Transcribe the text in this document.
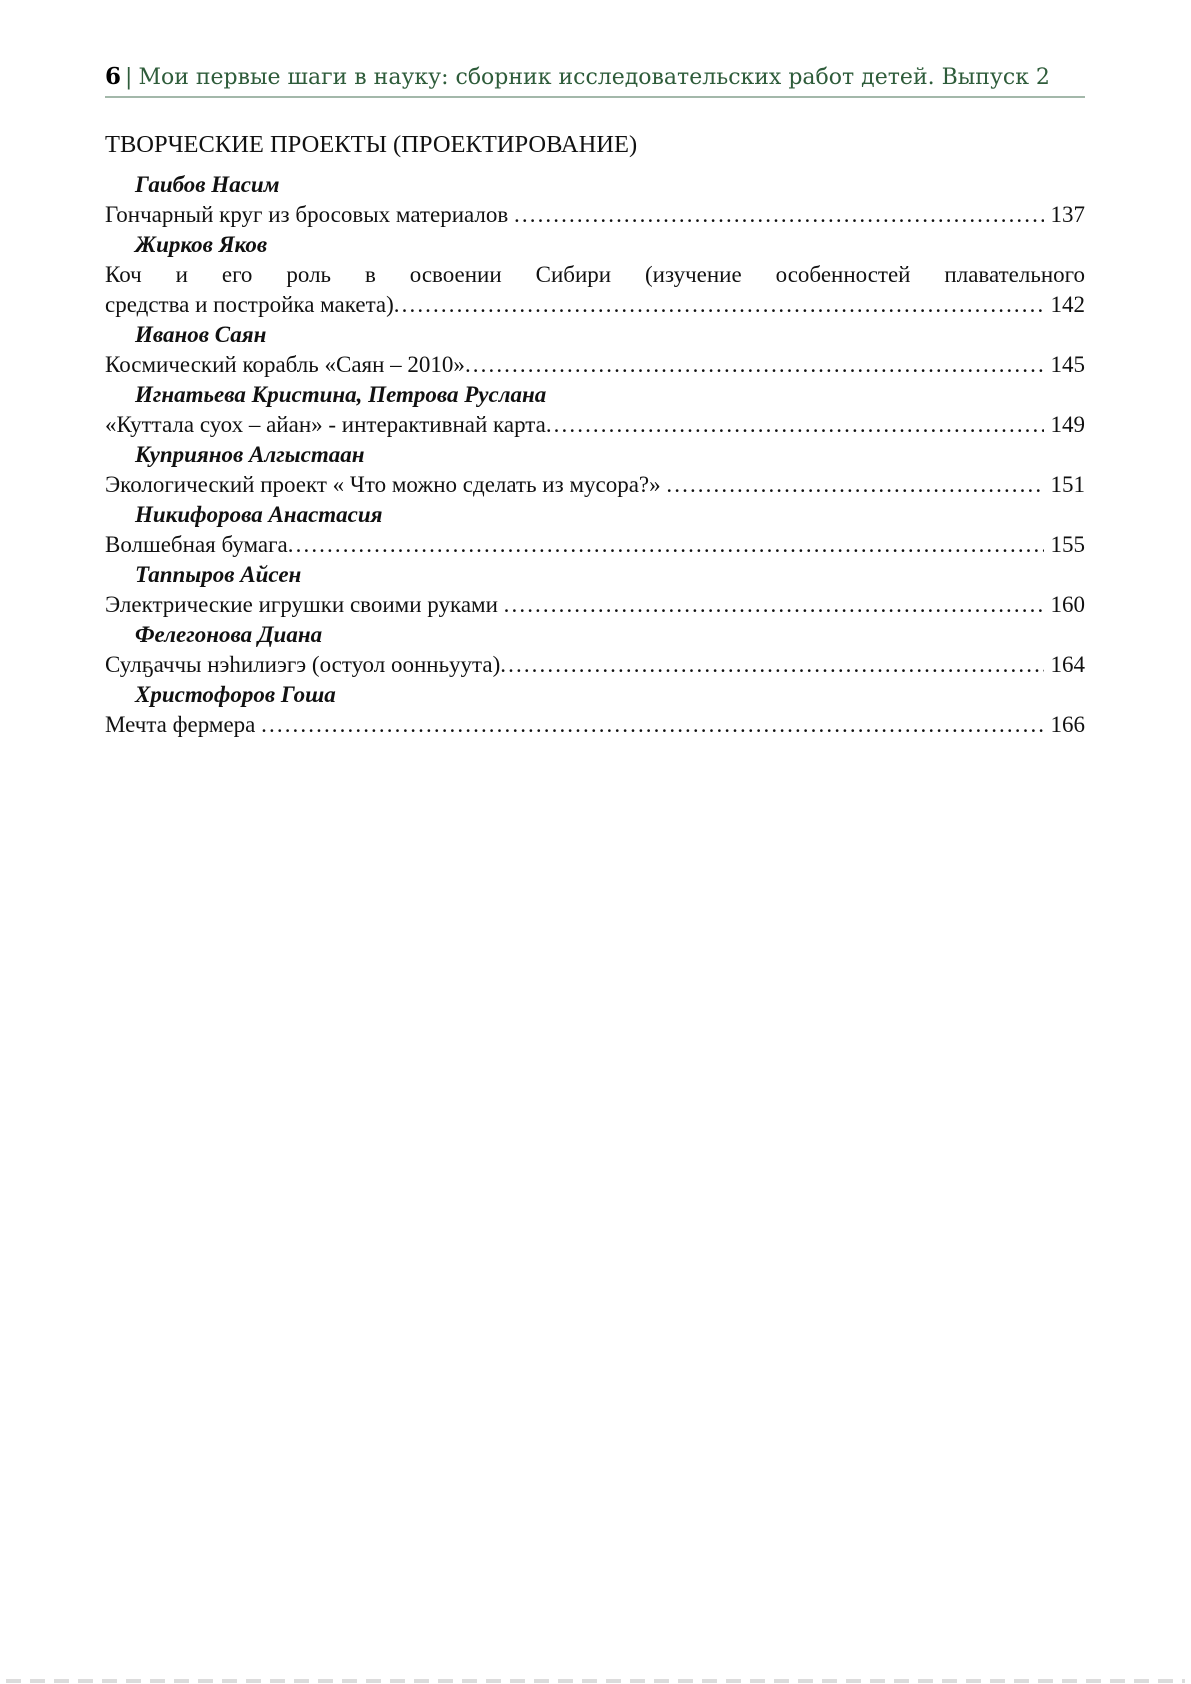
6 | Мои первые шаги в науку: сборник исследовательских работ детей. Выпуск 2
ТВОРЧЕСКИЕ ПРОЕКТЫ (ПРОЕКТИРОВАНИЕ)
Гаибов Насим
Гончарный круг из бросовых материалов .....	137
Жирков Яков
Коч и его роль в освоении Сибири (изучение особенностей плавательного
средства и постройка макета) .....	142
Иванов Саян
Космический корабль «Саян – 2010» .....	145
Игнатьева Кристина, Петрова Руслана
«Куттала суох – айан» - интерактивнай карта .....	149
Куприянов Алгыстаан
Экологический проект « Что можно сделать из мусора?» .....	151
Никифорова Анастасия
Волшебная бумага .....	155
Таппыров Айсен
Электрические игрушки своими руками .....	160
Фелегонова Диана
Сулҕаччы нэһилиэгэ (остуол оонньуута) .....	164
Христофоров Гоша
Мечта фермера .....	166
